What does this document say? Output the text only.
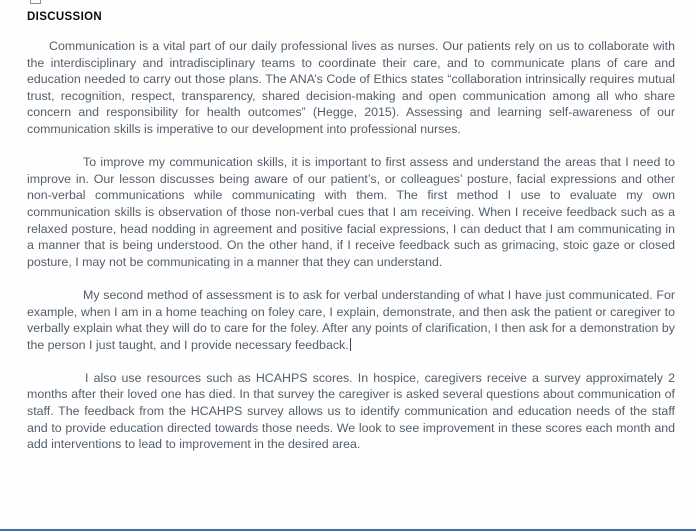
DISCUSSION

Communication is a vital part of our daily professional lives as nurses. Our patients rely on us to collaborate with the interdisciplinary and intradisciplinary teams to coordinate their care, and to communicate plans of care and education needed to carry out those plans. The ANA’s Code of Ethics states “collaboration intrinsically requires mutual trust, recognition, respect, transparency, shared decision-making and open communication among all who share concern and responsibility for health outcomes” (Hegge, 2015). Assessing and learning self-awareness of our communication skills is imperative to our development into professional nurses.

To improve my communication skills, it is important to first assess and understand the areas that I need to improve in. Our lesson discusses being aware of our patient’s, or colleagues’ posture, facial expressions and other non-verbal communications while communicating with them. The first method I use to evaluate my own communication skills is observation of those non-verbal cues that I am receiving. When I receive feedback such as a relaxed posture, head nodding in agreement and positive facial expressions, I can deduct that I am communicating in a manner that is being understood. On the other hand, if I receive feedback such as grimacing, stoic gaze or closed posture, I may not be communicating in a manner that they can understand.

My second method of assessment is to ask for verbal understanding of what I have just communicated. For example, when I am in a home teaching on foley care, I explain, demonstrate, and then ask the patient or caregiver to verbally explain what they will do to care for the foley. After any points of clarification, I then ask for a demonstration by the person I just taught, and I provide necessary feedback.

I also use resources such as HCAHPS scores. In hospice, caregivers receive a survey approximately 2 months after their loved one has died. In that survey the caregiver is asked several questions about communication of staff. The feedback from the HCAHPS survey allows us to identify communication and education needs of the staff and to provide education directed towards those needs. We look to see improvement in these scores each month and add interventions to lead to improvement in the desired area.
